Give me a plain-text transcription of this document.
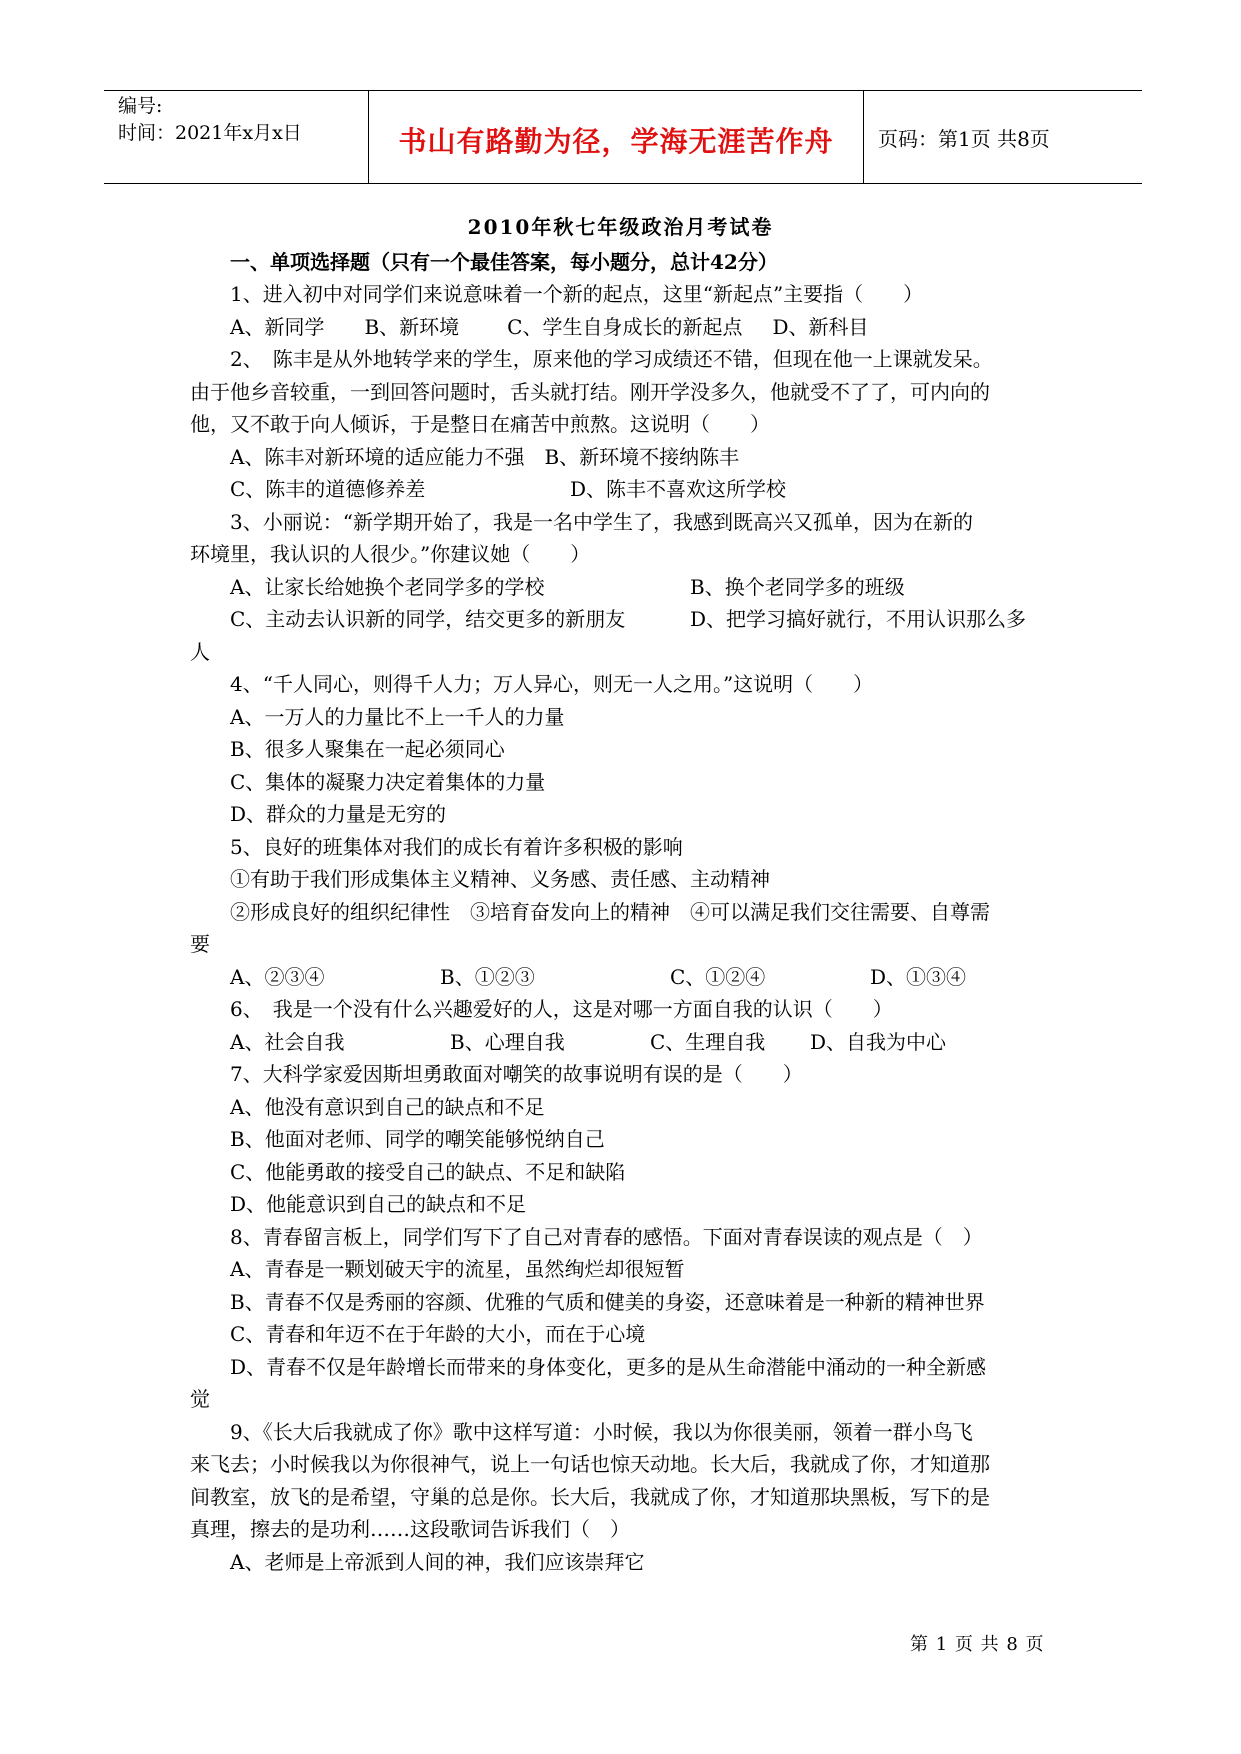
编号:
时间：2021年x月x日	书山有路勤为径，学海无涯苦作舟	页码：第1页 共8页
2010年秋七年级政治月考试卷
一、单项选择题（只有一个最佳答案，每小题分，总计42分）
1、进入初中对同学们来说意味着一个新的起点，这里“新起点”主要指（　　）
A、新同学 B、新环境 C、学生自身成长的新起点 D、新科目
2、　陈丰是从外地转学来的学生，原来他的学习成绩还不错，但现在他一上课就发呆。
由于他乡音较重，一到回答问题时，舌头就打结。刚开学没多久，他就受不了了，可内向的
他，又不敢于向人倾诉，于是整日在痛苦中煎熬。这说明（　　）
A、陈丰对新环境的适应能力不强 B、新环境不接纳陈丰
C、陈丰的道德修养差	D、陈丰不喜欢这所学校
3、小丽说：“新学期开始了，我是一名中学生了，我感到既高兴又孤单，因为在新的
环境里，我认识的人很少。”你建议她（　　）
A、让家长给她换个老同学多的学校	B、换个老同学多的班级
C、主动去认识新的同学，结交更多的新朋友	D、把学习搞好就行，不用认识那么多
人
4、“千人同心，则得千人力；万人异心，则无一人之用。”这说明（　　）
A、一万人的力量比不上一千人的力量
B、很多人聚集在一起必须同心
C、集体的凝聚力决定着集体的力量
D、群众的力量是无穷的
5、良好的班集体对我们的成长有着许多积极的影响
①有助于我们形成集体主义精神、义务感、责任感、主动精神
②形成良好的组织纪律性　③培育奋发向上的精神　④可以满足我们交往需要、自尊需
要
A、②③④	B、①②③	C、①②④	D、①③④
6、　我是一个没有什么兴趣爱好的人，这是对哪一方面自我的认识（　　）
A、社会自我	B、心理自我	C、生理自我	D、自我为中心
7、大科学家爱因斯坦勇敢面对嘲笑的故事说明有误的是（　　）
A、他没有意识到自己的缺点和不足
B、他面对老师、同学的嘲笑能够悦纳自己
C、他能勇敢的接受自己的缺点、不足和缺陷
D、他能意识到自己的缺点和不足
8、青春留言板上，同学们写下了自己对青春的感悟。下面对青春误读的观点是（　）
A、青春是一颗划破天宇的流星，虽然绚烂却很短暂
B、青春不仅是秀丽的容颜、优雅的气质和健美的身姿，还意味着是一种新的精神世界
C、青春和年迈不在于年龄的大小，而在于心境
D、青春不仅是年龄增长而带来的身体变化，更多的是从生命潜能中涌动的一种全新感
觉
9、《长大后我就成了你》歌中这样写道：小时候，我以为你很美丽，领着一群小鸟飞
来飞去；小时候我以为你很神气，说上一句话也惊天动地。长大后，我就成了你，才知道那
间教室，放飞的是希望，守巢的总是你。长大后，我就成了你，才知道那块黑板，写下的是
真理，擦去的是功利……这段歌词告诉我们（　）
A、老师是上帝派到人间的神，我们应该崇拜它
第 1 页 共 8 页
